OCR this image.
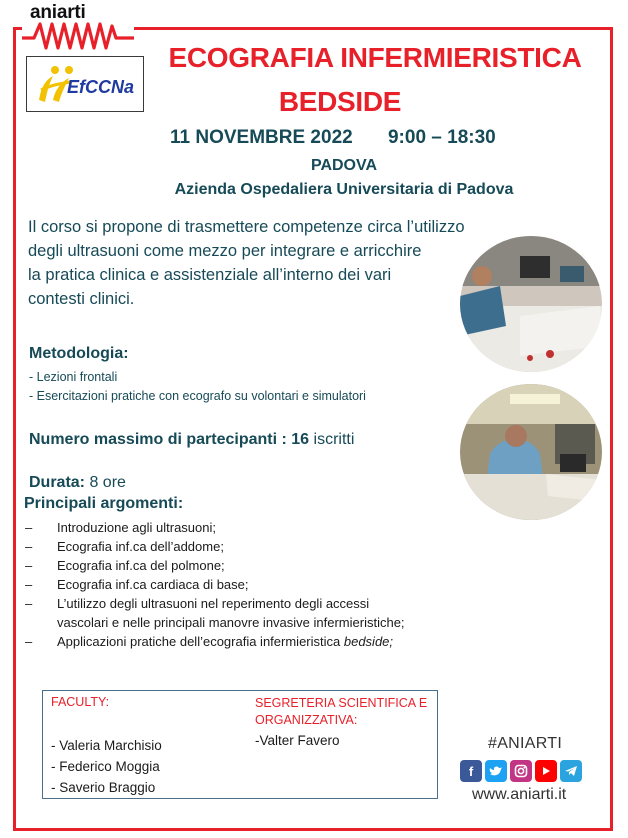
aniarti
EfCCNa
ECOGRAFIA INFERMIERISTICA
BEDSIDE
11 NOVEMBRE 2022 9:00 – 18:30
PADOVA
Azienda Ospedaliera Universitaria di Padova
Il corso si propone di trasmettere competenze circa l’utilizzo
degli ultrasuoni come mezzo per integrare e arricchire
la pratica clinica e assistenziale all’interno dei vari
contesti clinici.
Metodologia:
- Lezioni frontali
- Esercitazioni pratiche con ecografo su volontari e simulatori
Numero massimo di partecipanti : 16 iscritti
Durata: 8 ore
Principali argomenti:
– Introduzione agli ultrasuoni;
– Ecografia inf.ca dell’addome;
– Ecografia inf.ca del polmone;
– Ecografia inf.ca cardiaca di base;
– L’utilizzo degli ultrasuoni nel reperimento degli accessi
vascolari e nelle principali manovre invasive infermieristiche;
– Applicazioni pratiche dell’ecografia infermieristica bedside;
FACULTY:
- Valeria Marchisio
- Federico Moggia
- Saverio Braggio
SEGRETERIA SCIENTIFICA E
ORGANIZZATIVA:
-Valter Favero	#ANIARTI
f
www.aniarti.it
